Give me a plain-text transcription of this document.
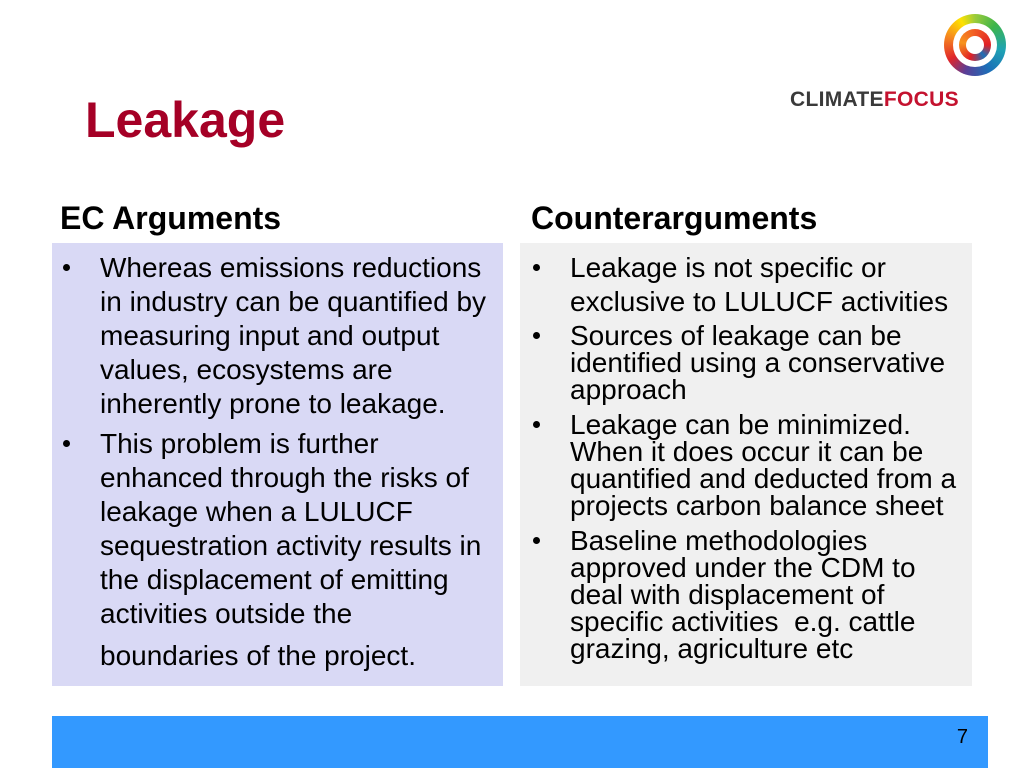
Leakage	CLIMATEFOCUS
EC Arguments	Counterarguments
Whereas emissions reductions
in industry can be quantified by
measuring input and output
values, ecosystems are
inherently prone to leakage.
This problem is further
enhanced through the risks of
leakage when a LULUCF
sequestration activity results in
the displacement of emitting
activities outside the
boundaries of the project.
Leakage is not specific or
exclusive to LULUCF activities
Sources of leakage can be
identified using a conservative
approach
Leakage can be minimized.
When it does occur it can be
quantified and deducted from a
projects carbon balance sheet
Baseline methodologies
approved under the CDM to
deal with displacement of
specific activities  e.g. cattle
grazing, agriculture etc
7
